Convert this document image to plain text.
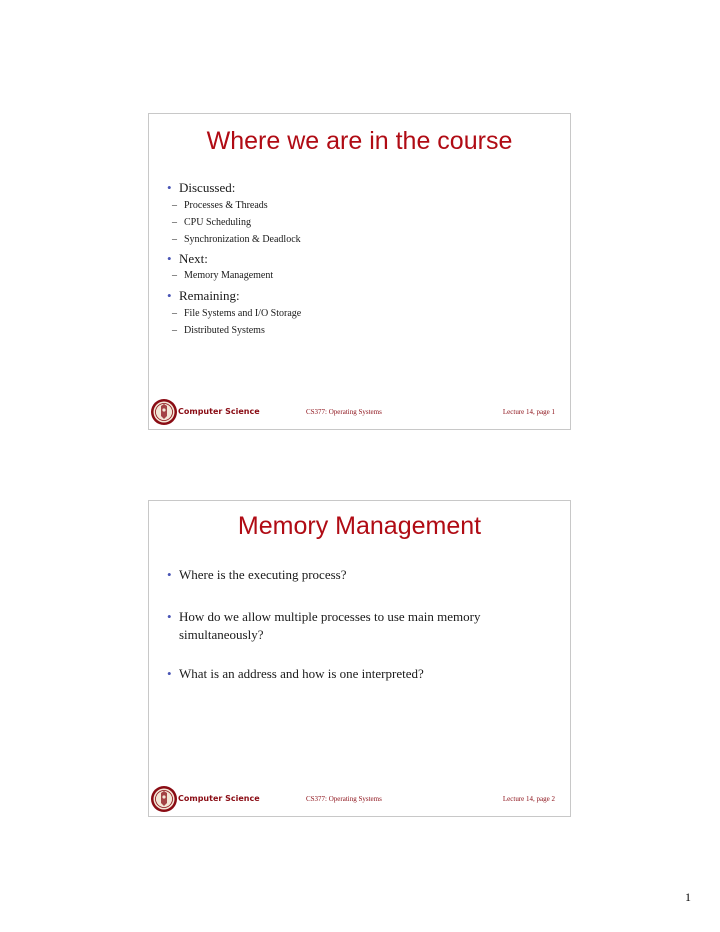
Where we are in the course
• Discussed:
– Processes & Threads
– CPU Scheduling
– Synchronization & Deadlock
• Next:
– Memory Management
• Remaining:
– File Systems and I/O Storage
– Distributed Systems
Computer Science	CS377: Operating Systems	Lecture 14, page 1
Memory Management
• Where is the executing process?
• How do we allow multiple processes to use main memory simultaneously?
• What is an address and how is one interpreted?
Computer Science	CS377: Operating Systems	Lecture 14, page 2
1
